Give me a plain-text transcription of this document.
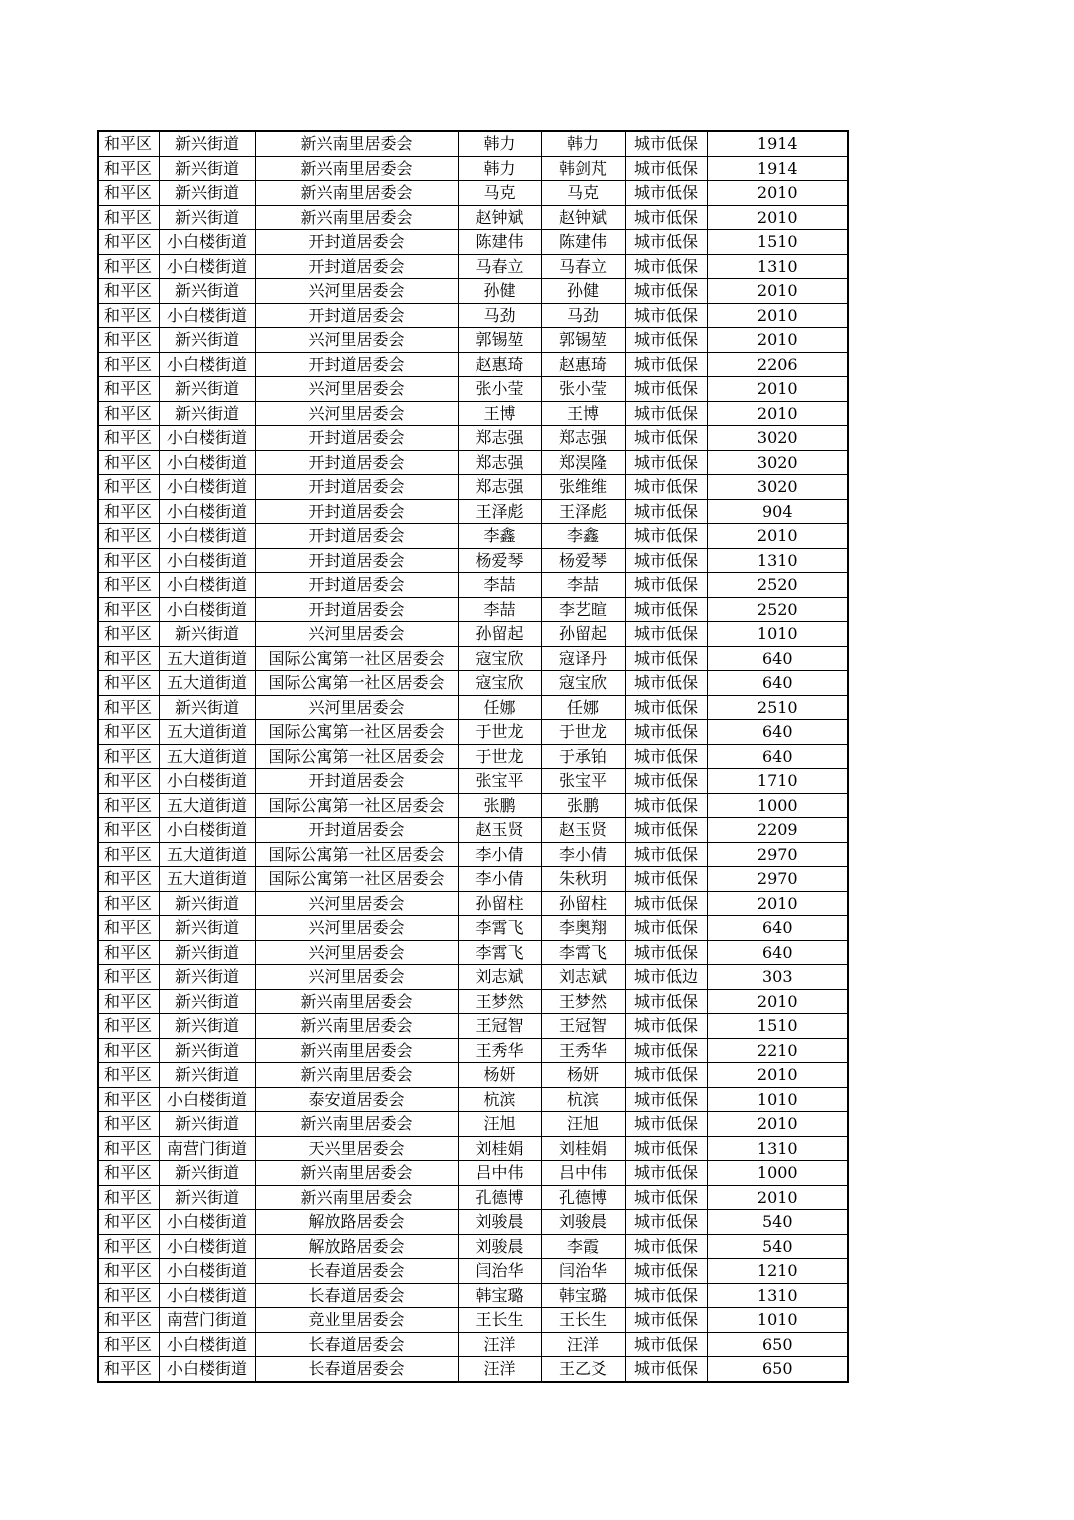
和平区	新兴街道	新兴南里居委会	韩力	韩力	城市低保	1914
和平区	新兴街道	新兴南里居委会	韩力	韩剑芃	城市低保	1914
和平区	新兴街道	新兴南里居委会	马克	马克	城市低保	2010
和平区	新兴街道	新兴南里居委会	赵钟斌	赵钟斌	城市低保	2010
和平区	小白楼街道	开封道居委会	陈建伟	陈建伟	城市低保	1510
和平区	小白楼街道	开封道居委会	马春立	马春立	城市低保	1310
和平区	新兴街道	兴河里居委会	孙健	孙健	城市低保	2010
和平区	小白楼街道	开封道居委会	马劲	马劲	城市低保	2010
和平区	新兴街道	兴河里居委会	郭锡堃	郭锡堃	城市低保	2010
和平区	小白楼街道	开封道居委会	赵惠琦	赵惠琦	城市低保	2206
和平区	新兴街道	兴河里居委会	张小莹	张小莹	城市低保	2010
和平区	新兴街道	兴河里居委会	王博	王博	城市低保	2010
和平区	小白楼街道	开封道居委会	郑志强	郑志强	城市低保	3020
和平区	小白楼街道	开封道居委会	郑志强	郑淏隆	城市低保	3020
和平区	小白楼街道	开封道居委会	郑志强	张维维	城市低保	3020
和平区	小白楼街道	开封道居委会	王泽彪	王泽彪	城市低保	904
和平区	小白楼街道	开封道居委会	李鑫	李鑫	城市低保	2010
和平区	小白楼街道	开封道居委会	杨爱琴	杨爱琴	城市低保	1310
和平区	小白楼街道	开封道居委会	李喆	李喆	城市低保	2520
和平区	小白楼街道	开封道居委会	李喆	李艺暄	城市低保	2520
和平区	新兴街道	兴河里居委会	孙留起	孙留起	城市低保	1010
和平区	五大道街道	国际公寓第一社区居委会	寇宝欣	寇译丹	城市低保	640
和平区	五大道街道	国际公寓第一社区居委会	寇宝欣	寇宝欣	城市低保	640
和平区	新兴街道	兴河里居委会	任娜	任娜	城市低保	2510
和平区	五大道街道	国际公寓第一社区居委会	于世龙	于世龙	城市低保	640
和平区	五大道街道	国际公寓第一社区居委会	于世龙	于承铂	城市低保	640
和平区	小白楼街道	开封道居委会	张宝平	张宝平	城市低保	1710
和平区	五大道街道	国际公寓第一社区居委会	张鹏	张鹏	城市低保	1000
和平区	小白楼街道	开封道居委会	赵玉贤	赵玉贤	城市低保	2209
和平区	五大道街道	国际公寓第一社区居委会	李小倩	李小倩	城市低保	2970
和平区	五大道街道	国际公寓第一社区居委会	李小倩	朱秋玥	城市低保	2970
和平区	新兴街道	兴河里居委会	孙留柱	孙留柱	城市低保	2010
和平区	新兴街道	兴河里居委会	李霄飞	李奥翔	城市低保	640
和平区	新兴街道	兴河里居委会	李霄飞	李霄飞	城市低保	640
和平区	新兴街道	兴河里居委会	刘志斌	刘志斌	城市低边	303
和平区	新兴街道	新兴南里居委会	王梦然	王梦然	城市低保	2010
和平区	新兴街道	新兴南里居委会	王冠智	王冠智	城市低保	1510
和平区	新兴街道	新兴南里居委会	王秀华	王秀华	城市低保	2210
和平区	新兴街道	新兴南里居委会	杨妍	杨妍	城市低保	2010
和平区	小白楼街道	泰安道居委会	杭滨	杭滨	城市低保	1010
和平区	新兴街道	新兴南里居委会	汪旭	汪旭	城市低保	2010
和平区	南营门街道	天兴里居委会	刘桂娟	刘桂娟	城市低保	1310
和平区	新兴街道	新兴南里居委会	吕中伟	吕中伟	城市低保	1000
和平区	新兴街道	新兴南里居委会	孔德博	孔德博	城市低保	2010
和平区	小白楼街道	解放路居委会	刘骏晨	刘骏晨	城市低保	540
和平区	小白楼街道	解放路居委会	刘骏晨	李霞	城市低保	540
和平区	小白楼街道	长春道居委会	闫治华	闫治华	城市低保	1210
和平区	小白楼街道	长春道居委会	韩宝璐	韩宝璐	城市低保	1310
和平区	南营门街道	竞业里居委会	王长生	王长生	城市低保	1010
和平区	小白楼街道	长春道居委会	汪洋	汪洋	城市低保	650
和平区	小白楼街道	长春道居委会	汪洋	王乙爻	城市低保	650
